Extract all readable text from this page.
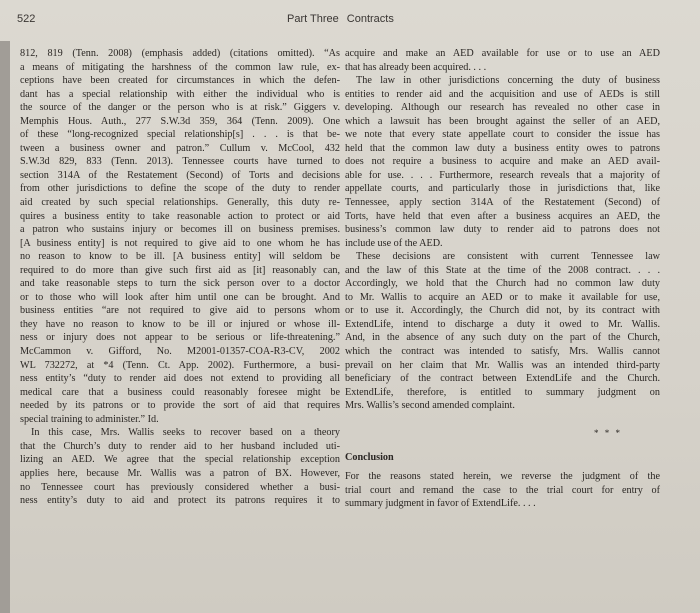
522	Part Three Contracts
812, 819 (Tenn. 2008) (emphasis added) (citations omitted). “As
a means of mitigating the harshness of the common law rule, ex-
ceptions have been created for circumstances in which the defen-
dant has a special relationship with either the individual who is
the source of the danger or the person who is at risk.” Giggers v.
Memphis Hous. Auth., 277 S.W.3d 359, 364 (Tenn. 2009). One
of these “long-recognized special relationship[s] . . . is that be-
tween a business owner and patron.” Cullum v. McCool, 432
S.W.3d 829, 833 (Tenn. 2013). Tennessee courts have turned to
section 314A of the Restatement (Second) of Torts and decisions
from other jurisdictions to define the scope of the duty to render
aid created by such special relationships. Generally, this duty re-
quires a business entity to take reasonable action to protect or aid
a patron who sustains injury or becomes ill on business premises.
[A business entity] is not required to give aid to one whom he has
no reason to know to be ill. [A business entity] will seldom be
required to do more than give such first aid as [it] reasonably can,
and take reasonable steps to turn the sick person over to a doctor
or to those who will look after him until one can be brought. And
business entities “are not required to give aid to persons whom
they have no reason to know to be ill or injured or whose ill-
ness or injury does not appear to be serious or life-threatening.”
McCammon v. Gifford, No. M2001-01357-COA-R3-CV, 2002
WL 732272, at *4 (Tenn. Ct. App. 2002). Furthermore, a busi-
ness entity’s “duty to render aid does not extend to providing all
medical care that a business could reasonably foresee might be
needed by its patrons or to provide the sort of aid that requires
special training to administer.” Id.
In this case, Mrs. Wallis seeks to recover based on a theory
that the Church’s duty to render aid to her husband included uti-
lizing an AED. We agree that the special relationship exception
applies here, because Mr. Wallis was a patron of BX. However,
no Tennessee court has previously considered whether a busi-
ness entity’s duty to aid and protect its patrons requires it to
acquire and make an AED available for use or to use an AED
that has already been acquired. . . .
The law in other jurisdictions concerning the duty of business
entities to render aid and the acquisition and use of AEDs is still
developing. Although our research has revealed no other case in
which a lawsuit has been brought against the seller of an AED,
we note that every state appellate court to consider the issue has
held that the common law duty a business entity owes to patrons
does not require a business to acquire and make an AED avail-
able for use. . . . Furthermore, research reveals that a majority of
appellate courts, and particularly those in jurisdictions that, like
Tennessee, apply section 314A of the Restatement (Second) of
Torts, have held that even after a business acquires an AED, the
business’s common law duty to render aid to patrons does not
include use of the AED.
These decisions are consistent with current Tennessee law
and the law of this State at the time of the 2008 contract. . . .
Accordingly, we hold that the Church had no common law duty
to Mr. Wallis to acquire an AED or to make it available for use,
or to use it. Accordingly, the Church did not, by its contract with
ExtendLife, intend to discharge a duty it owed to Mr. Wallis.
And, in the absence of any such duty on the part of the Church,
which the contract was intended to satisfy, Mrs. Wallis cannot
prevail on her claim that Mr. Wallis was an intended third-party
beneficiary of the contract between ExtendLife and the Church.
ExtendLife, therefore, is entitled to summary judgment on
Mrs. Wallis’s second amended complaint.
* * *
Conclusion
For the reasons stated herein, we reverse the judgment of the
trial court and remand the case to the trial court for entry of
summary judgment in favor of ExtendLife. . . .
